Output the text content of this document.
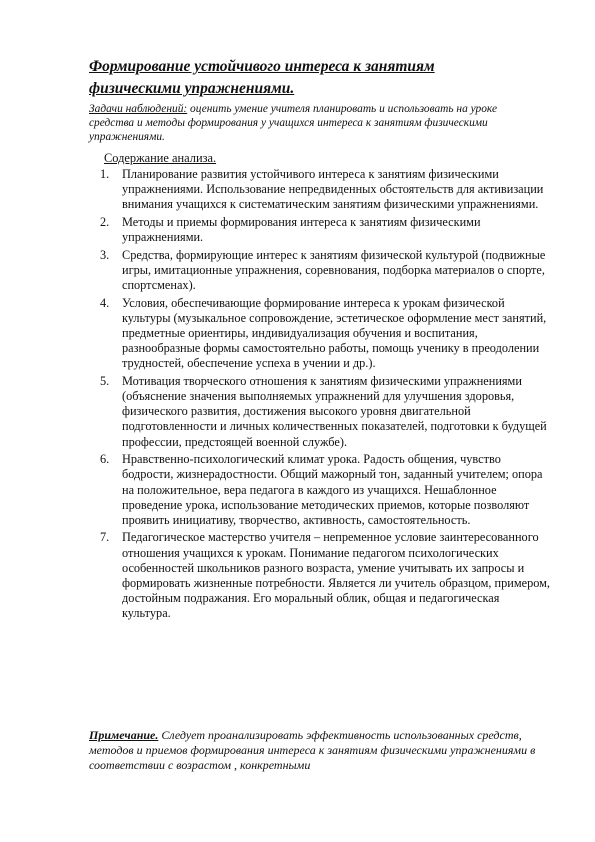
Формирование устойчивого интереса к занятиям физическими упражнениями.
Задачи наблюдений: оценить умение учителя планировать и использовать на уроке средства и методы формирования у учащихся интереса к занятиям физическими упражнениями.
Содержание анализа.
1. Планирование развития устойчивого интереса к занятиям физическими упражнениями. Использование непредвиденных обстоятельств для активизации внимания учащихся к систематическим занятиям физическими упражнениями.
2. Методы и приемы формирования интереса к занятиям физическими упражнениями.
3. Средства, формирующие интерес к занятиям физической культурой (подвижные игры, имитационные упражнения, соревнования, подборка материалов о спорте, спортсменах).
4. Условия, обеспечивающие формирование интереса к урокам физической культуры (музыкальное сопровождение, эстетическое оформление мест занятий, предметные ориентиры, индивидуализация обучения и воспитания, разнообразные формы самостоятельно работы, помощь ученику в преодолении трудностей, обеспечение успеха в учении и др.).
5. Мотивация творческого отношения к занятиям физическими упражнениями (объяснение значения выполняемых упражнений для улучшения здоровья, физического развития, достижения высокого уровня двигательной подготовленности и личных количественных показателей, подготовки к будущей профессии, предстоящей военной службе).
6. Нравственно-психологический климат урока. Радость общения, чувство бодрости, жизнерадостности. Общий мажорный тон, заданный учителем; опора на положительное, вера педагога в каждого из учащихся. Нешаблонное проведение урока, использование методических приемов, которые позволяют проявить инициативу, творчество, активность, самостоятельность.
7. Педагогическое мастерство учителя – непременное условие заинтересованного отношения учащихся к урокам. Понимание педагогом психологических особенностей школьников разного возраста, умение учитывать их запросы и формировать жизненные потребности. Является ли учитель образцом, примером, достойным подражания. Его моральный облик, общая и педагогическая культура.
Примечание. Следует проанализировать эффективность использованных средств, методов и приемов формирования интереса к занятиям физическими упражнениями в соответствии с возрастом , конкретными
